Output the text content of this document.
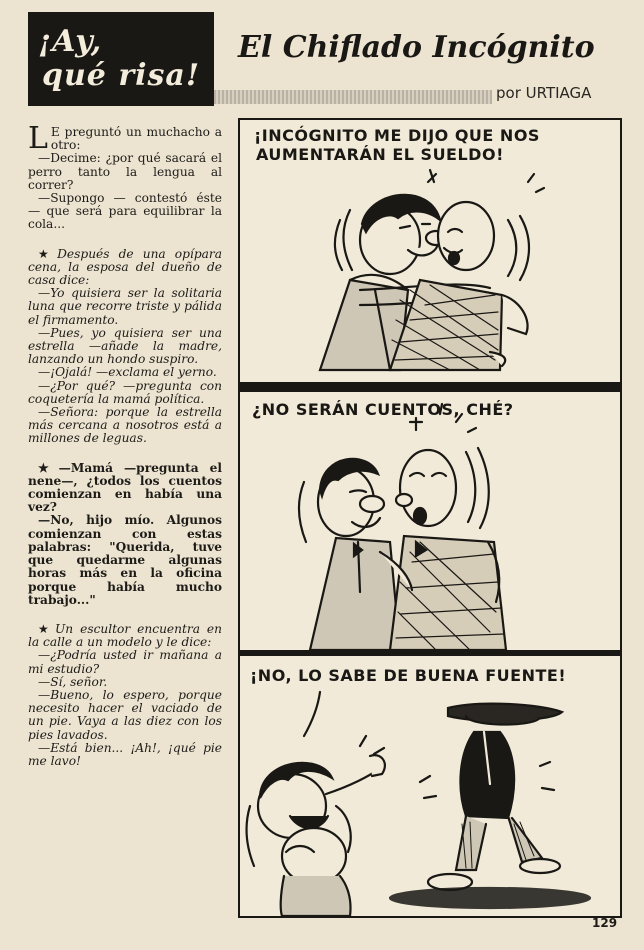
¡Ay,
qué risa!
El Chiflado Incógnito
por URTIAGA
L E preguntó un muchacho a otro:

—Decime: ¿por qué sacará el perro tanto la lengua al correr?

—Supongo — contestó éste — que será para equilibrar la cola...

★ Después de una opípara cena, la esposa del dueño de casa dice:

—Yo quisiera ser la solitaria luna que recorre triste y pálida el firmamento.

—Pues, yo quisiera ser una estrella —añade la madre, lanzando un hondo suspiro.

—¡Ojalá! —exclama el yerno.

—¿Por qué? —pregunta con coquetería la mamá política.

—Señora: porque la estrella más cercana a nosotros está a millones de leguas.

★ —Mamá —pregunta el nene—, ¿todos los cuentos comienzan en había una vez?

—No, hijo mío. Algunos comienzan con estas palabras: "Querida, tuve que quedarme algunas horas más en la oficina porque había mucho trabajo..."

★ Un escultor encuentra en la calle a un modelo y le dice:

—¿Podría usted ir mañana a mi estudio?

—Sí, señor.

—Bueno, lo espero, porque necesito hacer el vaciado de un pie. Vaya a las diez con los pies lavados.

—Está bien... ¡Ah!, ¡qué pie me lavo!

¡INCÓGNITO ME DIJO QUE NOS
AUMENTARÁN EL SUELDO!
¿NO SERÁN CUENTOS, CHÉ?
¡NO, LO SABE DE BUENA FUENTE!
129
